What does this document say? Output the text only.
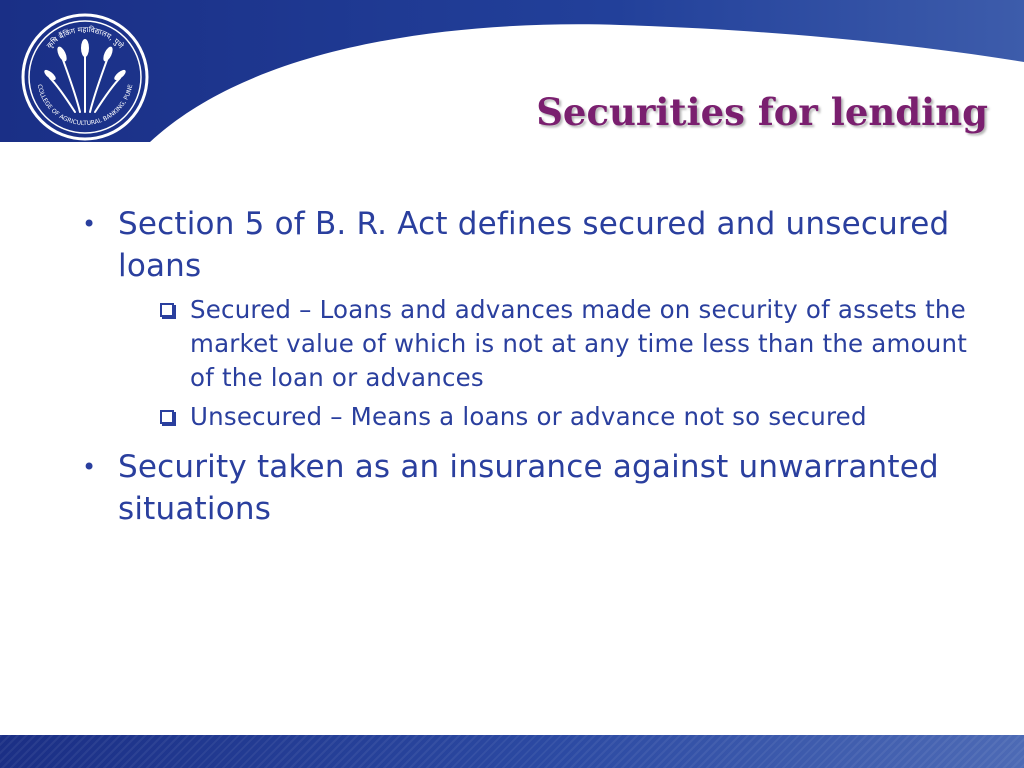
कृषि बैंकिंग महाविद्यालय, पुणे
COLLEGE OF AGRICULTURAL BANKING, PUNE
Securities for lending
• Section 5 of B. R. Act defines secured and unsecured loans
Secured – Loans and advances made on security of assets the market value of which is not at any time less than the amount of the loan or advances
Unsecured – Means a loans or advance not so secured
• Security taken as an insurance against unwarranted situations
